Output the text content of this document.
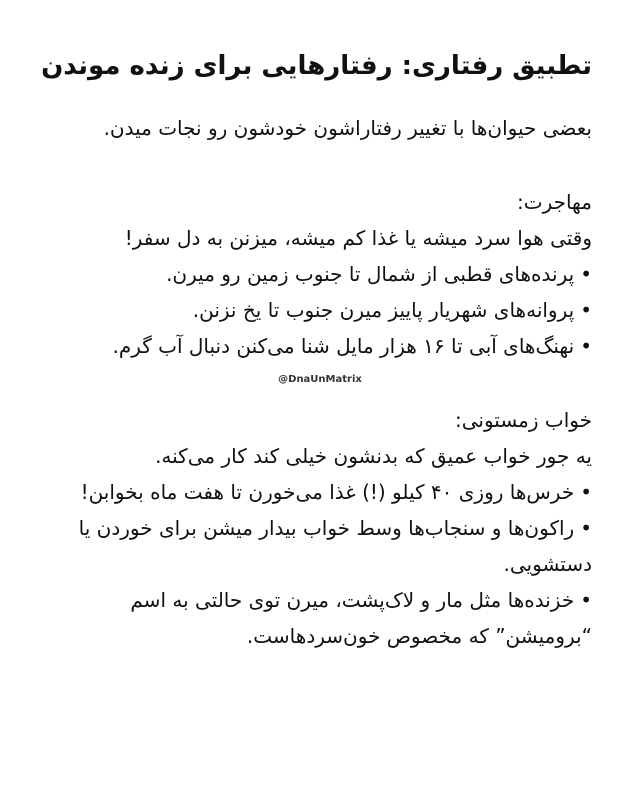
تطبیق رفتاری: رفتارهایی برای زنده موندن
بعضی حیوان‌ها با تغییر رفتاراشون خودشون رو نجات میدن.
مهاجرت:
وقتی هوا سرد میشه یا غذا کم میشه، میزنن به دل سفر!
•پرنده‌های قطبی از شمال تا جنوب زمین رو میرن.
•پروانه‌های شهریار پاییز میرن جنوب تا یخ نزنن.
•نهنگ‌های آبی تا ۱۶ هزار مایل شنا می‌کنن دنبال آب گرم.
@DnaUnMatrix
خواب زمستونی:
یه جور خواب عمیق که بدنشون خیلی کند کار می‌کنه.
•خرس‌ها روزی ۴۰ کیلو (!) غذا می‌خورن تا هفت ماه بخوابن!
•راکون‌ها و سنجاب‌ها وسط خواب بیدار میشن برای خوردن یا دستشویی.
•خزنده‌ها مثل مار و لاک‌پشت، میرن توی حالتی به اسم “برومیشن” که مخصوص خون‌سردهاست.
